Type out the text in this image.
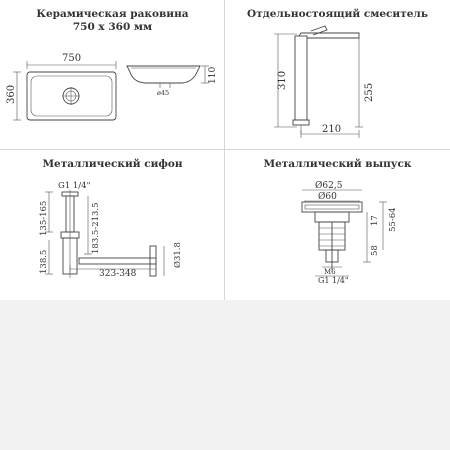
Керамическая раковина
750 х 360 мм
750
360	ø45
110
Отдельностоящий смеситель
310
255
210
Металлический сифон
G1 1/4"
135-165
138.5
183.5-213.5
323-348
Ø31.8
Металлический выпуск
Ø62,5
Ø60
17 55-64
58
M6
G1 1/4"
